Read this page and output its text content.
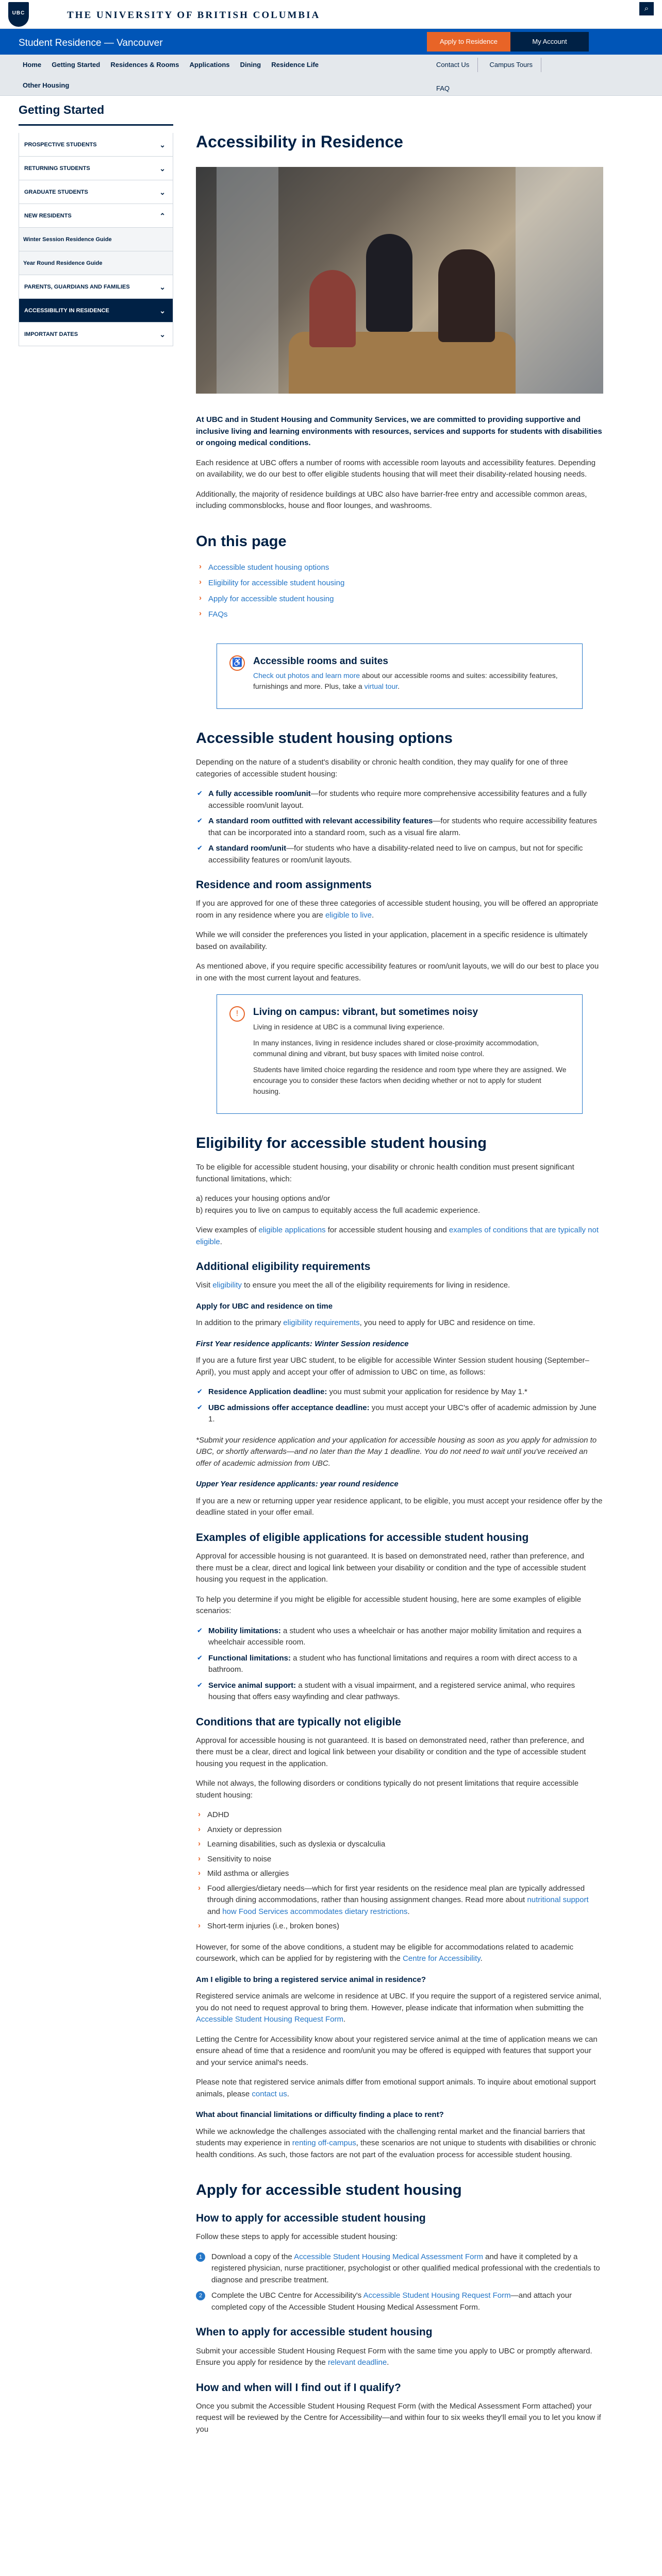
UBC	THE UNIVERSITY OF BRITISH COLUMBIA
⌕
Student Residence — Vancouver	Apply to Residence	My Account
Home Getting Started Residences & Rooms Applications Dining Residence Life
Other Housing
Contact Us	Campus Tours
FAQ
Getting Started
PROSPECTIVE STUDENTS	⌄
RETURNING STUDENTS	⌄
GRADUATE STUDENTS	⌄
NEW RESIDENTS	⌃
Winter Session Residence Guide
Year Round Residence Guide
PARENTS, GUARDIANS AND FAMILIES	⌄
ACCESSIBILITY IN RESIDENCE	⌄
IMPORTANT DATES	⌄
Accessibility in Residence

At UBC and in Student Housing and Community Services, we are committed to providing supportive and inclusive living and learning environments with resources, services and supports for students with disabilities or ongoing medical conditions.

Each residence at UBC offers a number of rooms with accessible room layouts and accessibility features. Depending on availability, we do our best to offer eligible students housing that will meet their disability-related housing needs.

Additionally, the majority of residence buildings at UBC also have barrier-free entry and accessible common areas, including commonsblocks, house and floor lounges, and washrooms.

On this page
› Accessible student housing options
› Eligibility for accessible student housing
› Apply for accessible student housing
› FAQs
♿ Accessible rooms and suites
Check out photos and learn more about our accessible rooms and suites: accessibility features, furnishings and more. Plus, take a virtual tour.
Accessible student housing options

Depending on the nature of a student's disability or chronic health condition, they may qualify for one of three categories of accessible student housing:

✔ A fully accessible room/unit—for students who require more comprehensive accessibility features and a fully accessible room/unit layout.
✔ A standard room outfitted with relevant accessibility features—for students who require accessibility features that can be incorporated into a standard room, such as a visual fire alarm.
✔ A standard room/unit—for students who have a disability-related need to live on campus, but not for specific accessibility features or room/unit layouts.
Residence and room assignments

If you are approved for one of these three categories of accessible student housing, you will be offered an appropriate room in any residence where you are eligible to live.

While we will consider the preferences you listed in your application, placement in a specific residence is ultimately based on availability.

As mentioned above, if you require specific accessibility features or room/unit layouts, we will do our best to place you in one with the most current layout and features.

!	Living on campus: vibrant, but sometimes noisy
Living in residence at UBC is a communal living experience.
In many instances, living in residence includes shared or close-proximity accommodation, communal dining and vibrant, but busy spaces with limited noise control.
Students have limited choice regarding the residence and room type where they are assigned. We encourage you to consider these factors when deciding whether or not to apply for student housing.
Eligibility for accessible student housing

To be eligible for accessible student housing, your disability or chronic health condition must present significant functional limitations, which:

a) reduces your housing options and/or

b) requires you to live on campus to equitably access the full academic experience.

View examples of eligible applications for accessible student housing and examples of conditions that are typically not eligible.

Additional eligibility requirements

Visit eligibility to ensure you meet the all of the eligibility requirements for living in residence.

Apply for UBC and residence on time

In addition to the primary eligibility requirements, you need to apply for UBC and residence on time.

First Year residence applicants: Winter Session residence

If you are a future first year UBC student, to be eligible for accessible Winter Session student housing (September–April), you must apply and accept your offer of admission to UBC on time, as follows:

✔ Residence Application deadline: you must submit your application for residence by May 1.*
✔ UBC admissions offer acceptance deadline: you must accept your UBC's offer of academic admission by June 1.

*Submit your residence application and your application for accessible housing as soon as you apply for admission to UBC, or shortly afterwards—and no later than the May 1 deadline. You do not need to wait until you've received an offer of academic admission from UBC.

Upper Year residence applicants: year round residence

If you are a new or returning upper year residence applicant, to be eligible, you must accept your residence offer by the deadline stated in your offer email.

Examples of eligible applications for accessible student housing

Approval for accessible housing is not guaranteed. It is based on demonstrated need, rather than preference, and there must be a clear, direct and logical link between your disability or condition and the type of accessible student housing you request in the application.

To help you determine if you might be eligible for accessible student housing, here are some examples of eligible scenarios:

✔ Mobility limitations: a student who uses a wheelchair or has another major mobility limitation and requires a wheelchair accessible room.
✔ Functional limitations: a student who has functional limitations and requires a room with direct access to a bathroom.
✔ Service animal support: a student with a visual impairment, and a registered service animal, who requires housing that offers easy wayfinding and clear pathways.
Conditions that are typically not eligible

Approval for accessible housing is not guaranteed. It is based on demonstrated need, rather than preference, and there must be a clear, direct and logical link between your disability or condition and the type of accessible student housing you request in the application.

While not always, the following disorders or conditions typically do not present limitations that require accessible student housing:

› ADHD
› Anxiety or depression
› Learning disabilities, such as dyslexia or dyscalculia
› Sensitivity to noise
› Mild asthma or allergies
› Food allergies/dietary needs—which for first year residents on the residence meal plan are typically addressed through dining accommodations, rather than housing assignment changes. Read more about nutritional support and how Food Services accommodates dietary restrictions.
› Short-term injuries (i.e., broken bones)

However, for some of the above conditions, a student may be eligible for accommodations related to academic coursework, which can be applied for by registering with the Centre for Accessibility.

Am I eligible to bring a registered service animal in residence?

Registered service animals are welcome in residence at UBC. If you require the support of a registered service animal, you do not need to request approval to bring them. However, please indicate that information when submitting the Accessible Student Housing Request Form.

Letting the Centre for Accessibility know about your registered service animal at the time of application means we can ensure ahead of time that a residence and room/unit you may be offered is equipped with features that support your and your service animal's needs.

Please note that registered service animals differ from emotional support animals. To inquire about emotional support animals, please contact us.

What about financial limitations or difficulty finding a place to rent?

While we acknowledge the challenges associated with the challenging rental market and the financial barriers that students may experience in renting off-campus, these scenarios are not unique to students with disabilities or chronic health conditions. As such, those factors are not part of the evaluation process for accessible student housing.

Apply for accessible student housing
How to apply for accessible student housing

Follow these steps to apply for accessible student housing:

Download a copy of the Accessible Student Housing Medical Assessment Form and have it completed by a registered physician, nurse practitioner, psychologist or other qualified medical professional with the credentials to diagnose and prescribe treatment.
Complete the UBC Centre for Accessibility's Accessible Student Housing Request Form—and attach your completed copy of the Accessible Student Housing Medical Assessment Form.
When to apply for accessible student housing

Submit your accessible Student Housing Request Form with the same time you apply to UBC or promptly afterward. Ensure you apply for residence by the relevant deadline.

How and when will I find out if I qualify?

Once you submit the Accessible Student Housing Request Form (with the Medical Assessment Form attached) your request will be reviewed by the Centre for Accessibility—and within four to six weeks they'll email you to let you know if you
